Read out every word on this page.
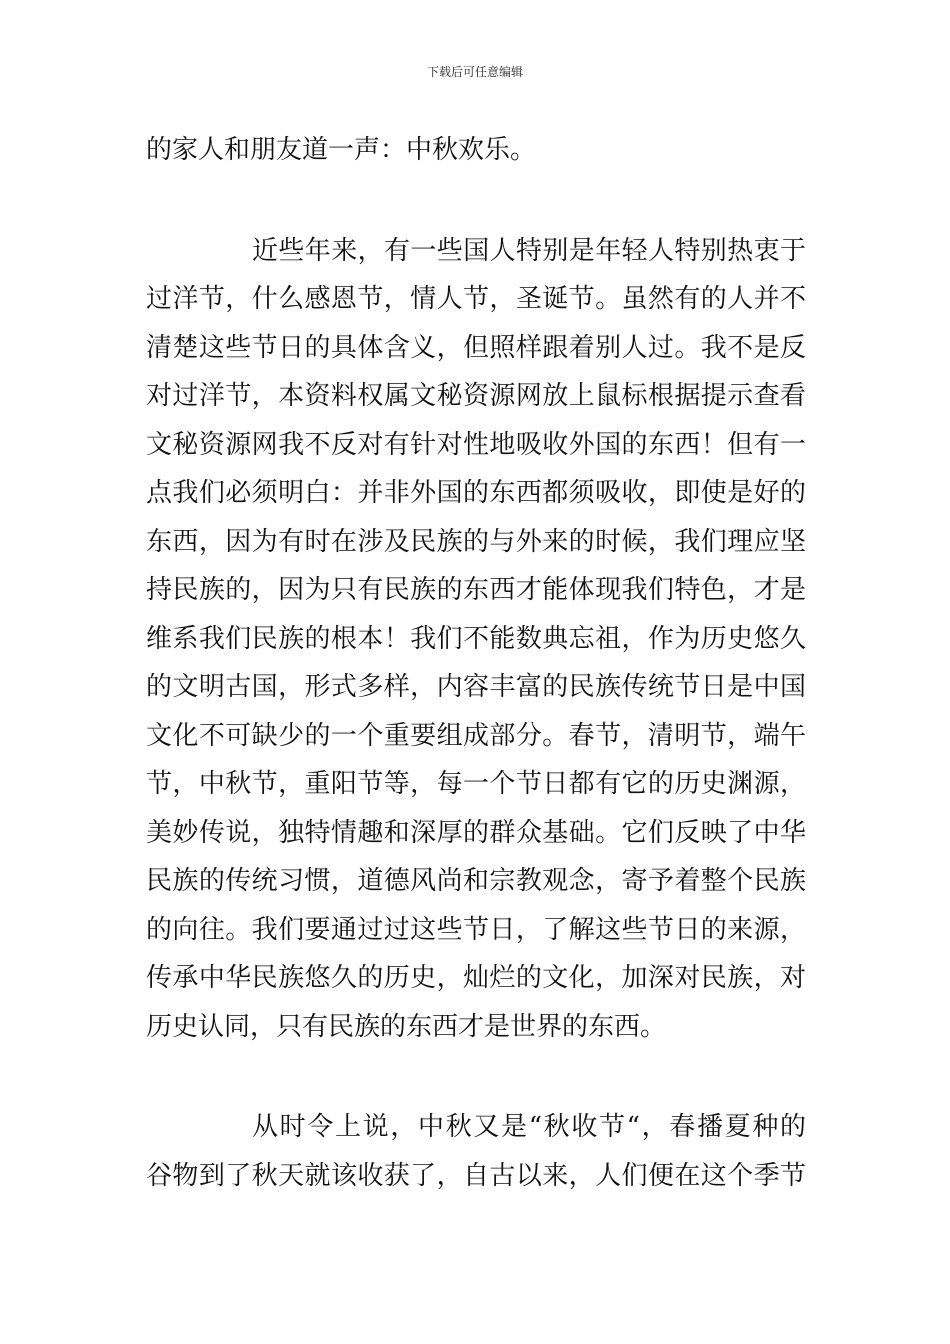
下载后可任意编辑
的家人和朋友道一声：中秋欢乐。
近些年来，有一些国人特别是年轻人特别热衷于
过洋节，什么感恩节，情人节，圣诞节。虽然有的人并不
清楚这些节日的具体含义，但照样跟着别人过。我不是反
对过洋节，本资料权属文秘资源网放上鼠标根据提示查看
文秘资源网我不反对有针对性地吸收外国的东西！但有一
点我们必须明白：并非外国的东西都须吸收，即使是好的
东西，因为有时在涉及民族的与外来的时候，我们理应坚
持民族的，因为只有民族的东西才能体现我们特色，才是
维系我们民族的根本！我们不能数典忘祖，作为历史悠久
的文明古国，形式多样，内容丰富的民族传统节日是中国
文化不可缺少的一个重要组成部分。春节，清明节，端午
节，中秋节，重阳节等，每一个节日都有它的历史渊源，
美妙传说，独特情趣和深厚的群众基础。它们反映了中华
民族的传统习惯，道德风尚和宗教观念，寄予着整个民族
的向往。我们要通过过这些节日，了解这些节日的来源，
传承中华民族悠久的历史，灿烂的文化，加深对民族，对
历史认同，只有民族的东西才是世界的东西。
从时令上说，中秋又是“秋收节“，春播夏种的
谷物到了秋天就该收获了，自古以来，人们便在这个季节
